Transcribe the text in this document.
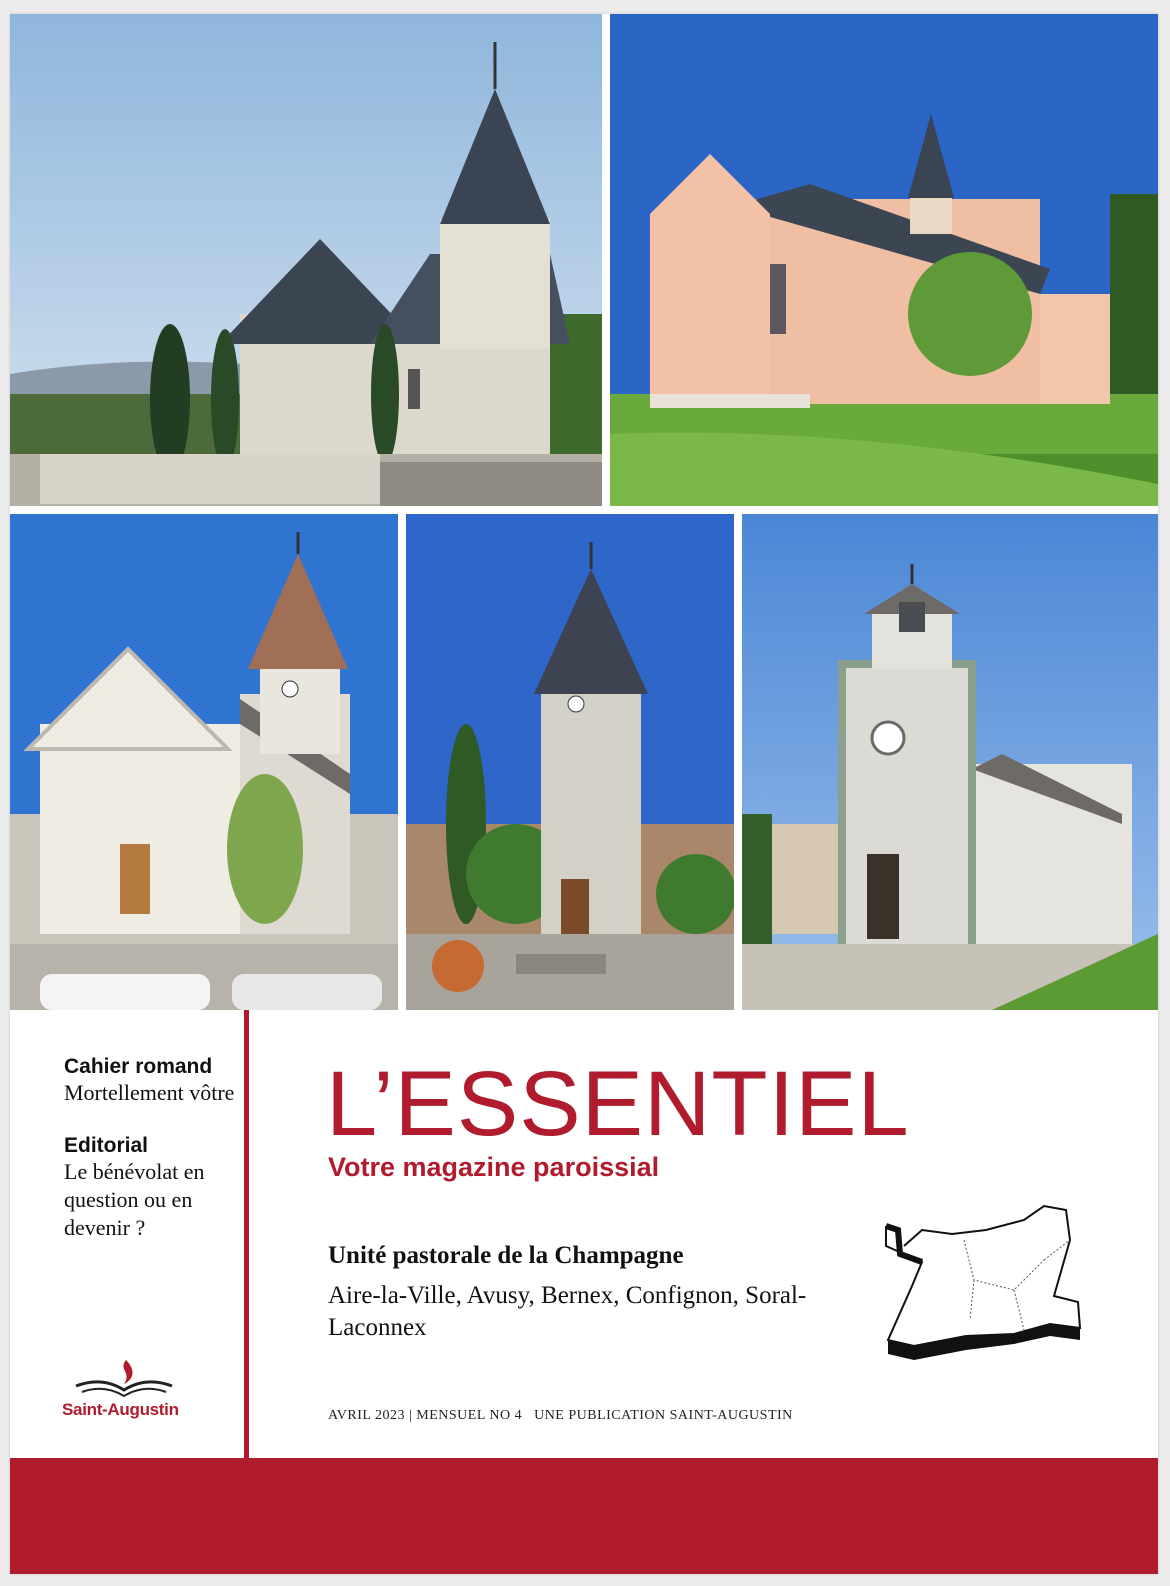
Cahier romand
Mortellement vôtre
Editorial
Le bénévolat en question ou en devenir ?
Saint-Augustin
L’ESSENTIEL
Votre magazine paroissial
Unité pastorale de la Champagne
Aire-la-Ville, Avusy, Bernex, Confignon, Soral-Laconnex
AVRIL 2023 | MENSUEL NO 4 UNE PUBLICATION SAINT-AUGUSTIN
